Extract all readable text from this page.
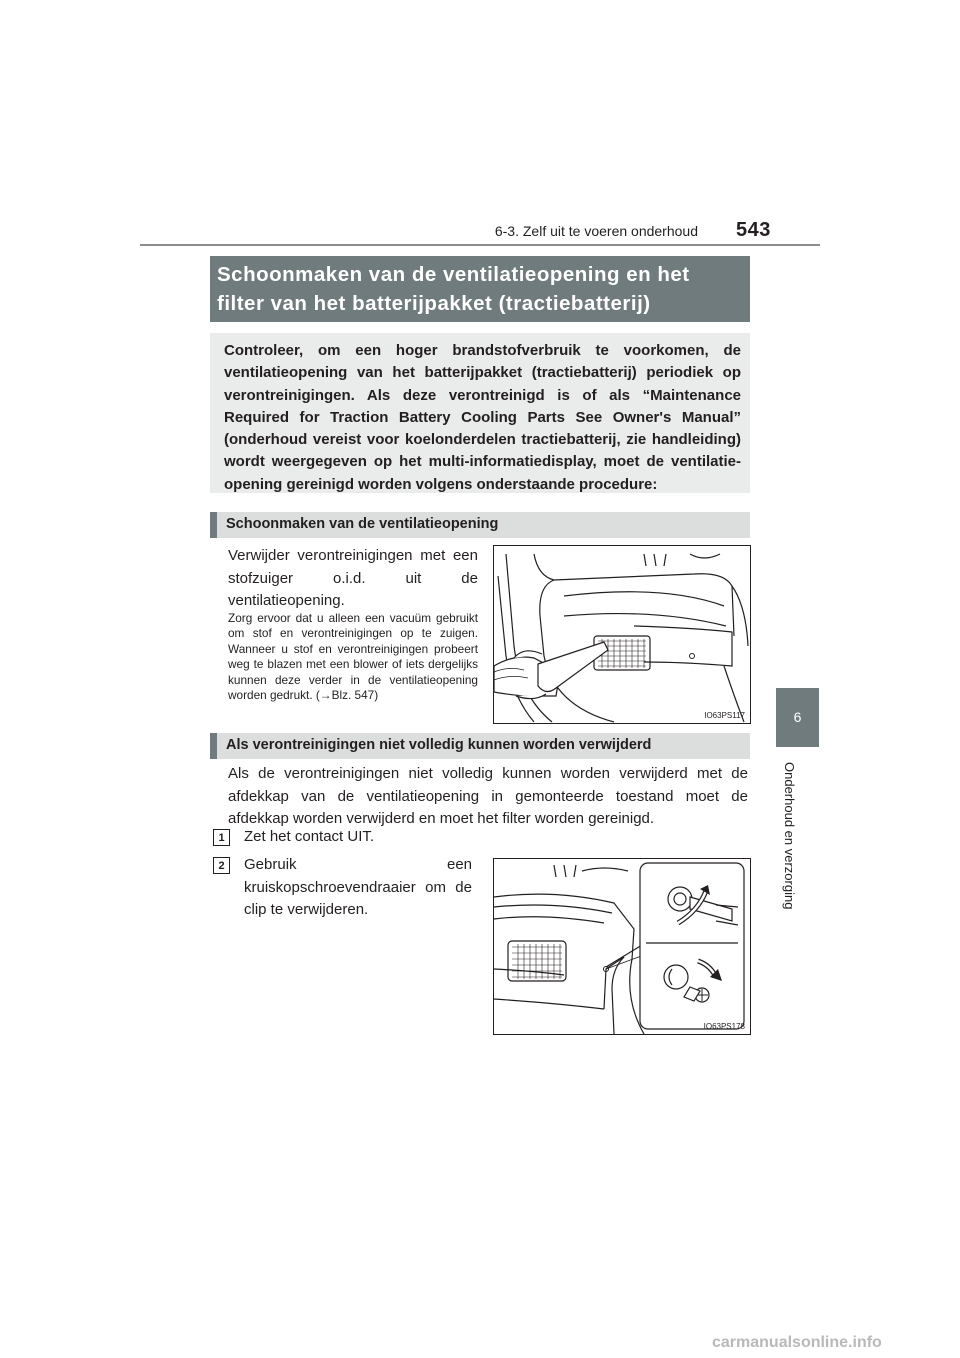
6-3. Zelf uit te voeren onderhoud 543
6
Onderhoud en verzorging
Schoonmaken van de ventilatieopening en het
filter van het batterijpakket (tractiebatterij)
Controleer, om een hoger brandstofverbruik te voorkomen, de ventilatieopening van het batterijpakket (tractiebatterij) periodiek op verontreinigingen. Als deze verontreinigd is of als “Maintenance Required for Traction Battery Cooling Parts See Owner's Manual” (onderhoud vereist voor koelonderdelen tractiebatterij, zie handleiding) wordt weergegeven op het multi-informatiedisplay, moet de ventilatie-opening gereinigd worden volgens onderstaande procedure:
Schoonmaken van de ventilatieopening
Verwijder verontreinigingen met een stofzuiger o.i.d. uit de ventilatieopening.
Zorg ervoor dat u alleen een vacuüm gebruikt om stof en verontreinigingen op te zuigen. Wanneer u stof en verontreinigingen probeert weg te blazen met een blower of iets dergelijks kunnen deze verder in de ventilatieopening worden gedrukt. (→Blz. 547)
IO63PS117
Als verontreinigingen niet volledig kunnen worden verwijderd
Als de verontreinigingen niet volledig kunnen worden verwijderd met de afdekkap van de ventilatieopening in gemonteerde toestand moet de afdekkap worden verwijderd en moet het filter worden gereinigd.
1	Zet het contact UIT.
2	Gebruik een kruiskopschroevendraaier om de clip te verwijderen.
IO63PS178
carmanualsonline.info
